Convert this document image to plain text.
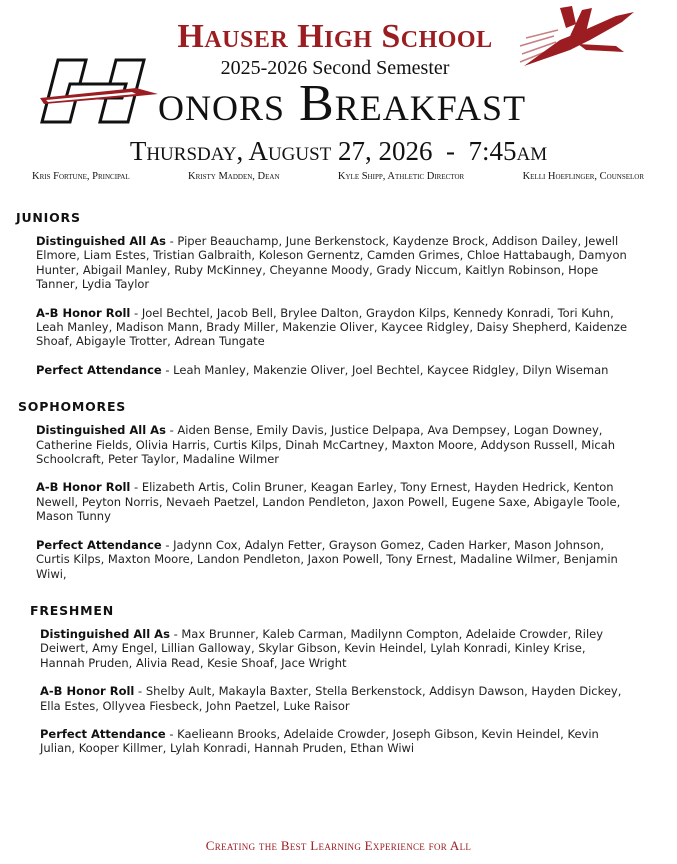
Hauser High School
2025-2026 Second Semester
onors Breakfast
Thursday, August 27, 2026  -  7:45am
Kris Fortune, Principal	Kristy Madden, Dean	Kyle Shipp, Athletic Director	Kelli Hoeflinger, Counselor
JUNIORS

Distinguished All As - Piper Beauchamp, June Berkenstock, Kaydenze Brock, Addison Dailey, Jewell Elmore, Liam Estes, Tristian Galbraith, Koleson Gernentz, Camden Grimes, Chloe Hattabaugh, Damyon Hunter, Abigail Manley, Ruby McKinney, Cheyanne Moody, Grady Niccum, Kaitlyn Robinson, Hope Tanner, Lydia Taylor

A-B Honor Roll - Joel Bechtel, Jacob Bell, Brylee Dalton, Graydon Kilps, Kennedy Konradi, Tori Kuhn, Leah Manley, Madison Mann, Brady Miller, Makenzie Oliver, Kaycee Ridgley, Daisy Shepherd, Kaidenze Shoaf, Abigayle Trotter, Adrean Tungate

Perfect Attendance - Leah Manley, Makenzie Oliver, Joel Bechtel, Kaycee Ridgley, Dilyn Wiseman

SOPHOMORES

Distinguished All As - Aiden Bense, Emily Davis, Justice Delpapa, Ava Dempsey, Logan Downey, Catherine Fields, Olivia Harris, Curtis Kilps, Dinah McCartney, Maxton Moore, Addyson Russell, Micah Schoolcraft, Peter Taylor, Madaline Wilmer

A-B Honor Roll - Elizabeth Artis, Colin Bruner, Keagan Earley, Tony Ernest, Hayden Hedrick, Kenton Newell, Peyton Norris, Nevaeh Paetzel, Landon Pendleton, Jaxon Powell, Eugene Saxe, Abigayle Toole, Mason Tunny

Perfect Attendance - Jadynn Cox, Adalyn Fetter, Grayson Gomez, Caden Harker, Mason Johnson, Curtis Kilps, Maxton Moore, Landon Pendleton, Jaxon Powell, Tony Ernest, Madaline Wilmer, Benjamin Wiwi,

FRESHMEN

Distinguished All As - Max Brunner, Kaleb Carman, Madilynn Compton, Adelaide Crowder, Riley Deiwert, Amy Engel, Lillian Galloway, Skylar Gibson, Kevin Heindel, Lylah Konradi, Kinley Krise, Hannah Pruden, Alivia Read, Kesie Shoaf, Jace Wright

A-B Honor Roll - Shelby Ault, Makayla Baxter, Stella Berkenstock, Addisyn Dawson, Hayden Dickey, Ella Estes, Ollyvea Fiesbeck, John Paetzel, Luke Raisor

Perfect Attendance - Kaelieann Brooks, Adelaide Crowder, Joseph Gibson, Kevin Heindel, Kevin Julian, Kooper Killmer, Lylah Konradi, Hannah Pruden, Ethan Wiwi

Creating the Best Learning Experience for All
